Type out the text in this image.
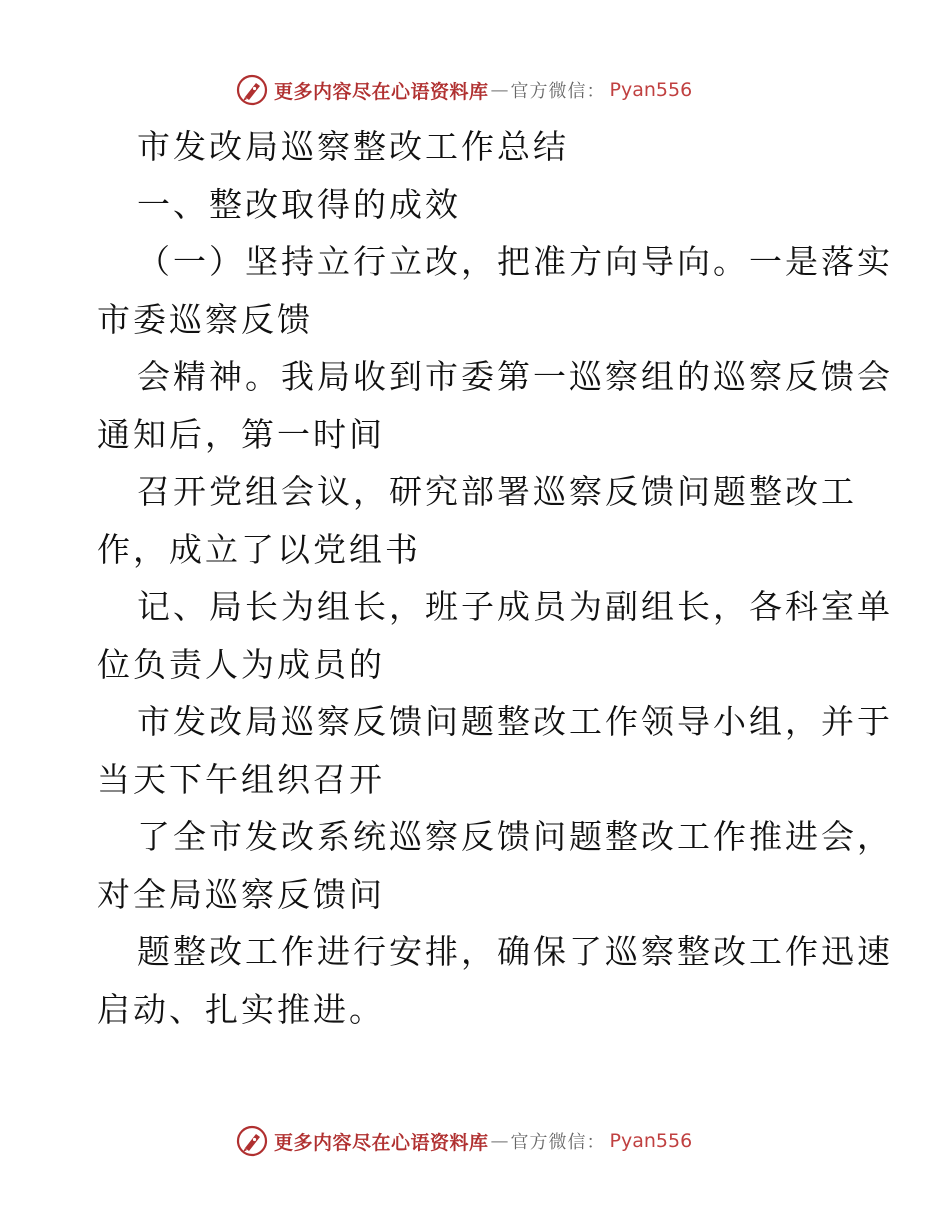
更多内容尽在心语资料库 — 官方微信： Pyan556
市发改局巡察整改工作总结
一、整改取得的成效
（一）坚持立行立改，把准方向导向。一是落实
市委巡察反馈
会精神。我局收到市委第一巡察组的巡察反馈会
通知后，第一时间
召开党组会议，研究部署巡察反馈问题整改工
作，成立了以党组书
记、局长为组长，班子成员为副组长，各科室单
位负责人为成员的
市发改局巡察反馈问题整改工作领导小组，并于
当天下午组织召开
了全市发改系统巡察反馈问题整改工作推进会，
对全局巡察反馈问
题整改工作进行安排，确保了巡察整改工作迅速
启动、扎实推进。
更多内容尽在心语资料库 — 官方微信： Pyan556
